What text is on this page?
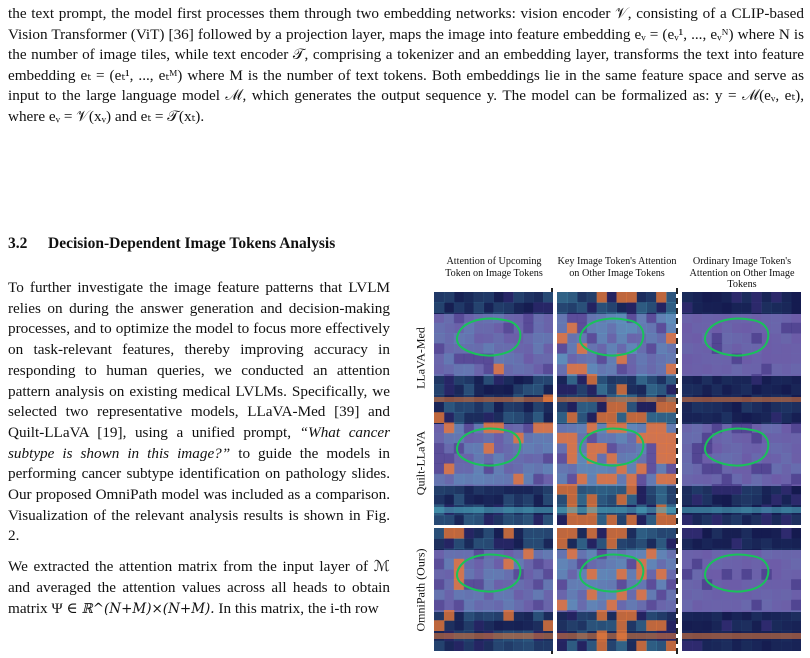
the text prompt, the model first processes them through two embedding networks: vision encoder 𝒱, consisting of a CLIP-based Vision Transformer (ViT) [36] followed by a projection layer, maps the image into feature embedding eᵥ = (eᵥ¹, ..., eᵥᴺ) where N is the number of image tiles, while text encoder 𝒯, comprising a tokenizer and an embedding layer, transforms the text into feature embedding eₜ = (eₜ¹, ..., eₜᴹ) where M is the number of text tokens. Both embeddings lie in the same feature space and serve as input to the large language model ℳ, which generates the output sequence y. The model can be formalized as: y = ℳ(eᵥ, eₜ), where eᵥ = 𝒱(xᵥ) and eₜ = 𝒯(xₜ).
3.2 Decision-Dependent Image Tokens Analysis

To further investigate the image feature patterns that LVLM relies on during the answer generation and decision-making processes, and to optimize the model to focus more effectively on task-relevant features, thereby improving accuracy in responding to human queries, we conducted an attention pattern analysis on existing medical LVLMs. Specifically, we selected two representative models, LLaVA-Med [39] and Quilt-LLaVA [19], using a unified prompt, “What cancer subtype is shown in this image?” to guide the models in performing cancer subtype identification on pathology slides. Our proposed OmniPath model was included as a comparison. Visualization of the relevant analysis results is shown in Fig. 2.

We extracted the attention matrix from the input layer of ℳ and averaged the attention values across all heads to obtain matrix Ψ ∈ ℝ^(N+M)×(N+M). In this matrix, the i-th row

Attention of Upcoming Token on Image Tokens
Key Image Token's Attention on Other Image Tokens
Ordinary Image Token's Attention on Other Image Tokens
LLaVA-Med
Quilt-LLaVA
OmniPath (Ours)
